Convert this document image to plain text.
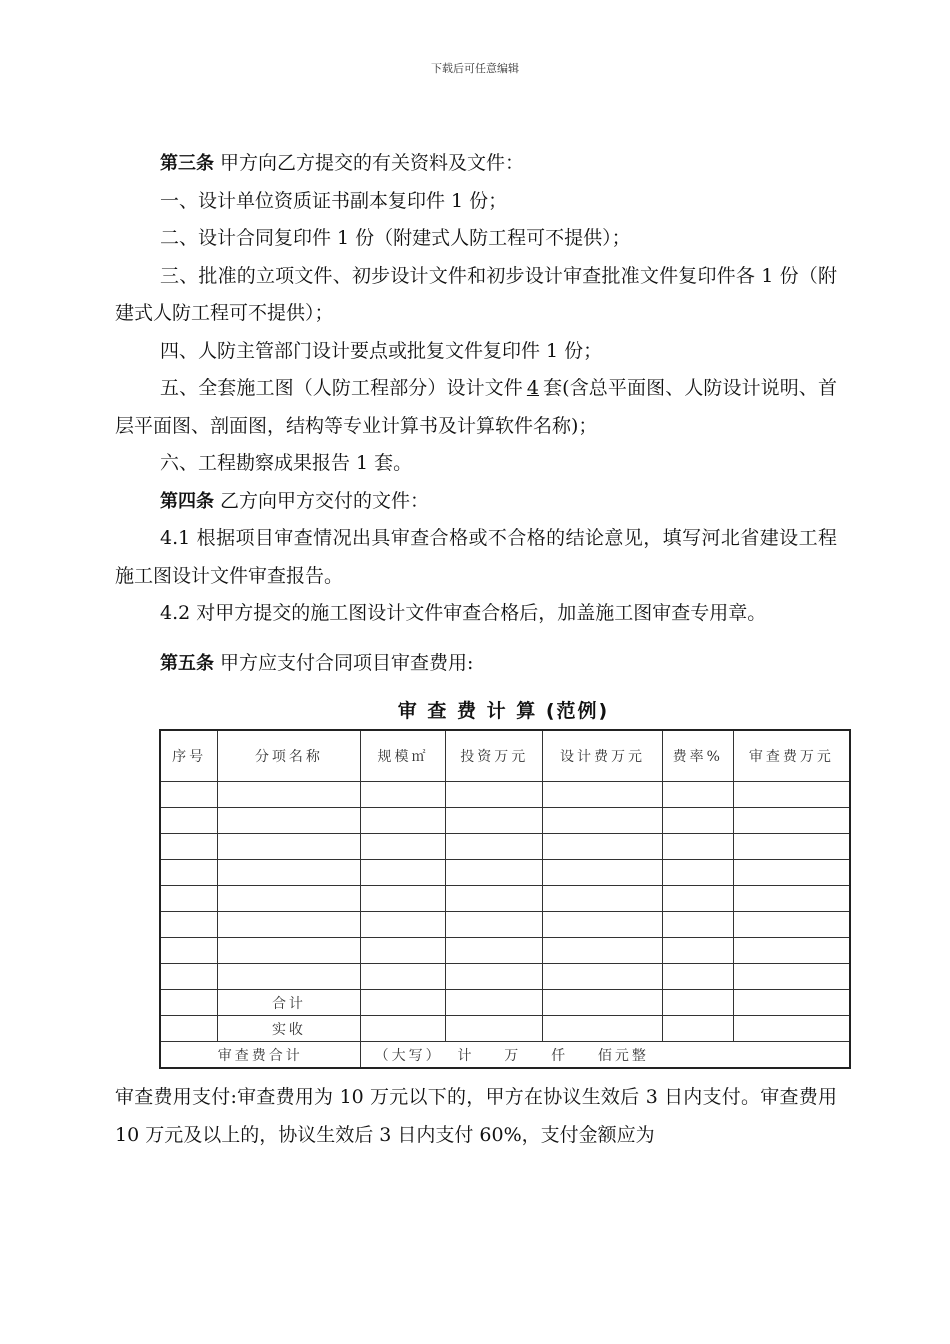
下载后可任意编辑

第三条 甲方向乙方提交的有关资料及文件：

一、设计单位资质证书副本复印件 1 份；

二、设计合同复印件 1 份（附建式人防工程可不提供）；

三、批准的立项文件、初步设计文件和初步设计审查批准文件复印件各 1 份（附建式人防工程可不提供）；

四、人防主管部门设计要点或批复文件复印件 1 份；

五、全套施工图（人防工程部分）设计文件 4 套(含总平面图、人防设计说明、首层平面图、剖面图，结构等专业计算书及计算软件名称)；

六、工程勘察成果报告 1 套。

第四条 乙方向甲方交付的文件：

4.1 根据项目审查情况出具审查合格或不合格的结论意见，填写河北省建设工程施工图设计文件审查报告。

4.2 对甲方提交的施工图设计文件审查合格后，加盖施工图审查专用章。

第五条 甲方应支付合同项目审查费用:

审 查 费 计 算 (范例)
序号	分项名称	规模㎡	投资万元	设计费万元	费率%	审查费万元

	合计					
	实收					
审查费合计		（大写）  计    万    仟    佰元整				

审查费用支付:审查费用为 10 万元以下的，甲方在协议生效后 3 日内支付。审查费用 10 万元及以上的，协议生效后 3 日内支付 60%，支付金额应为
